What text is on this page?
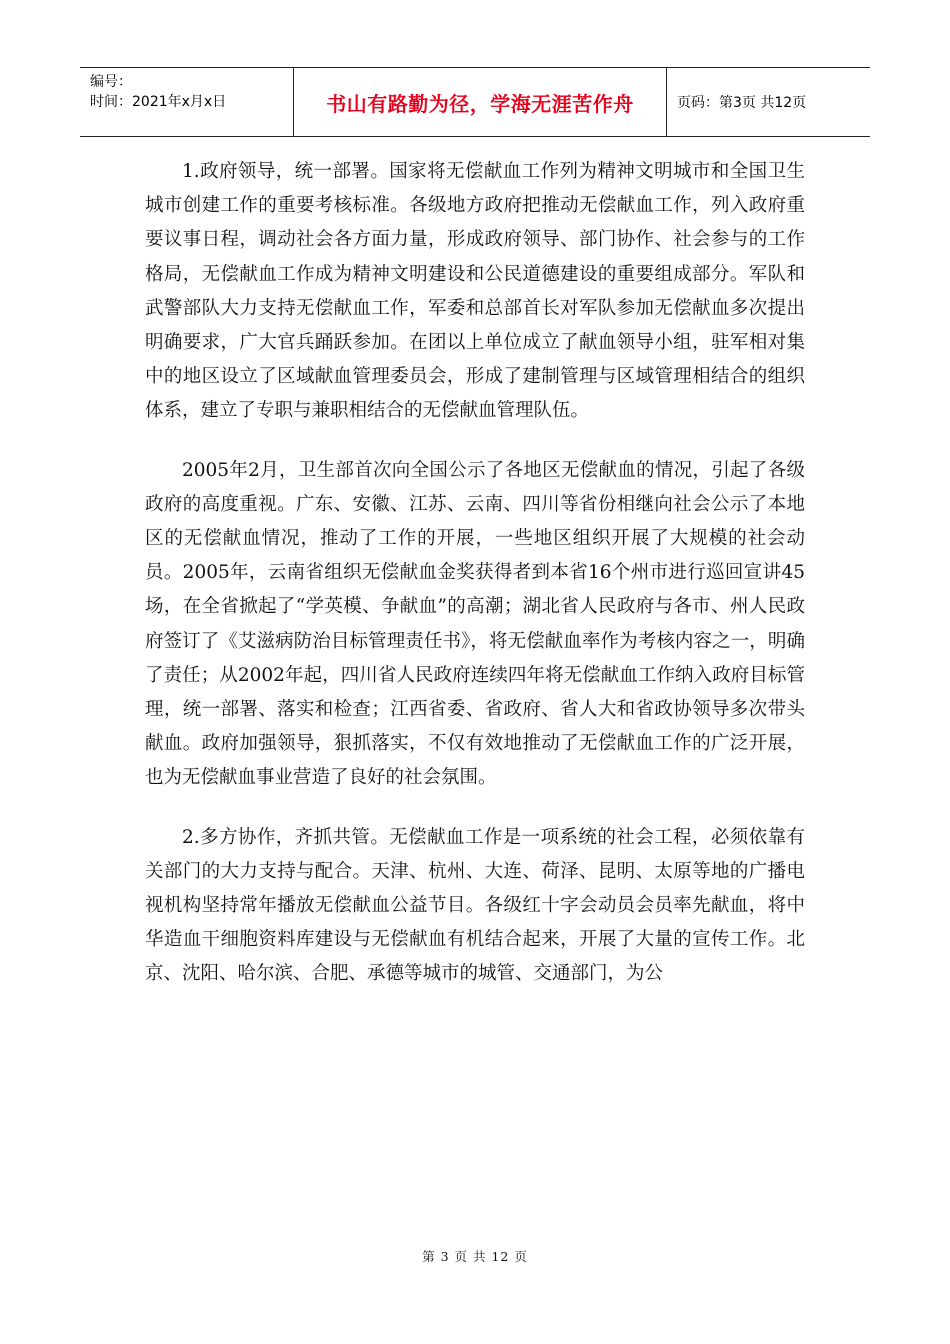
编号：
时间：2021年x月x日	书山有路勤为径，学海无涯苦作舟	页码：第3页 共12页

1.政府领导，统一部署。国家将无偿献血工作列为精神文明城市和全国卫生城市创建工作的重要考核标准。各级地方政府把推动无偿献血工作，列入政府重要议事日程，调动社会各方面力量，形成政府领导、部门协作、社会参与的工作格局，无偿献血工作成为精神文明建设和公民道德建设的重要组成部分。军队和武警部队大力支持无偿献血工作，军委和总部首长对军队参加无偿献血多次提出明确要求，广大官兵踊跃参加。在团以上单位成立了献血领导小组，驻军相对集中的地区设立了区域献血管理委员会，形成了建制管理与区域管理相结合的组织体系，建立了专职与兼职相结合的无偿献血管理队伍。

2005年2月，卫生部首次向全国公示了各地区无偿献血的情况，引起了各级政府的高度重视。广东、安徽、江苏、云南、四川等省份相继向社会公示了本地区的无偿献血情况，推动了工作的开展，一些地区组织开展了大规模的社会动员。2005年，云南省组织无偿献血金奖获得者到本省16个州市进行巡回宣讲45场，在全省掀起了“学英模、争献血”的高潮；湖北省人民政府与各市、州人民政府签订了《艾滋病防治目标管理责任书》，将无偿献血率作为考核内容之一，明确了责任；从2002年起，四川省人民政府连续四年将无偿献血工作纳入政府目标管理，统一部署、落实和检查；江西省委、省政府、省人大和省政协领导多次带头献血。政府加强领导，狠抓落实，不仅有效地推动了无偿献血工作的广泛开展，也为无偿献血事业营造了良好的社会氛围。

2.多方协作，齐抓共管。无偿献血工作是一项系统的社会工程，必须依靠有关部门的大力支持与配合。天津、杭州、大连、荷泽、昆明、太原等地的广播电视机构坚持常年播放无偿献血公益节目。各级红十字会动员会员率先献血，将中华造血干细胞资料库建设与无偿献血有机结合起来，开展了大量的宣传工作。北京、沈阳、哈尔滨、合肥、承德等城市的城管、交通部门，为公

第 3 页 共 12 页
